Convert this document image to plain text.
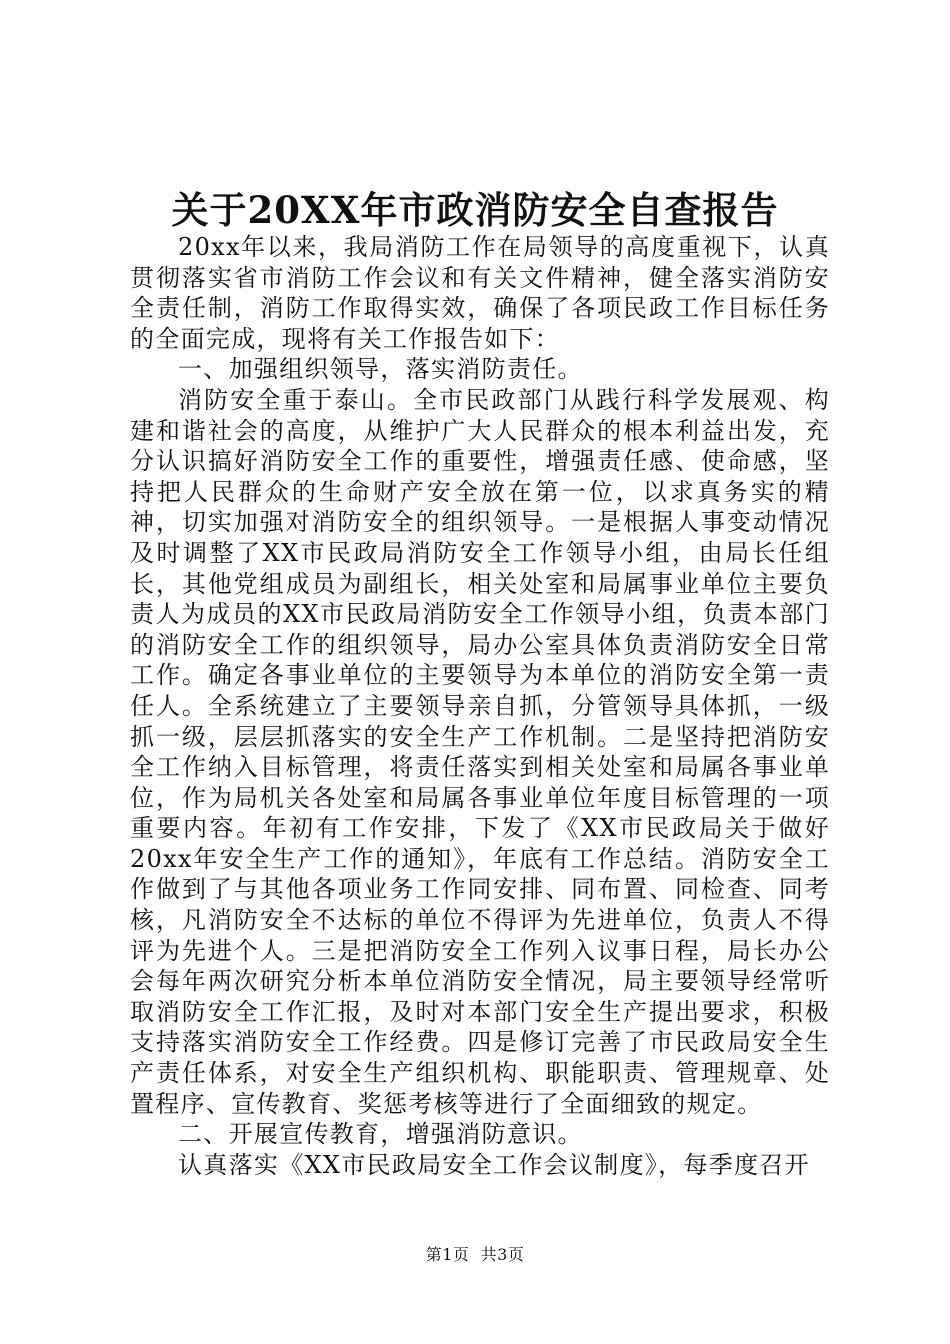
关于20XX年市政消防安全自查报告

20xx年以来，我局消防工作在局领导的高度重视下，认真贯彻落实省市消防工作会议和有关文件精神，健全落实消防安全责任制，消防工作取得实效，确保了各项民政工作目标任务的全面完成，现将有关工作报告如下：

一、加强组织领导，落实消防责任。

消防安全重于泰山。全市民政部门从践行科学发展观、构建和谐社会的高度，从维护广大人民群众的根本利益出发，充分认识搞好消防安全工作的重要性，增强责任感、使命感，坚持把人民群众的生命财产安全放在第一位，以求真务实的精神，切实加强对消防安全的组织领导。一是根据人事变动情况及时调整了XX市民政局消防安全工作领导小组，由局长任组长，其他党组成员为副组长，相关处室和局属事业单位主要负责人为成员的XX市民政局消防安全工作领导小组，负责本部门的消防安全工作的组织领导，局办公室具体负责消防安全日常工作。确定各事业单位的主要领导为本单位的消防安全第一责任人。全系统建立了主要领导亲自抓，分管领导具体抓，一级抓一级，层层抓落实的安全生产工作机制。二是坚持把消防安全工作纳入目标管理，将责任落实到相关处室和局属各事业单位，作为局机关各处室和局属各事业单位年度目标管理的一项重要内容。年初有工作安排，下发了《XX市民政局关于做好20xx年安全生产工作的通知》，年底有工作总结。消防安全工作做到了与其他各项业务工作同安排、同布置、同检查、同考核，凡消防安全不达标的单位不得评为先进单位，负责人不得评为先进个人。三是把消防安全工作列入议事日程，局长办公会每年两次研究分析本单位消防安全情况，局主要领导经常听取消防安全工作汇报，及时对本部门安全生产提出要求，积极支持落实消防安全工作经费。四是修订完善了市民政局安全生产责任体系，对安全生产组织机构、职能职责、管理规章、处置程序、宣传教育、奖惩考核等进行了全面细致的规定。

二、开展宣传教育，增强消防意识。

认真落实《XX市民政局安全工作会议制度》，每季度召开

第1页 共3页
